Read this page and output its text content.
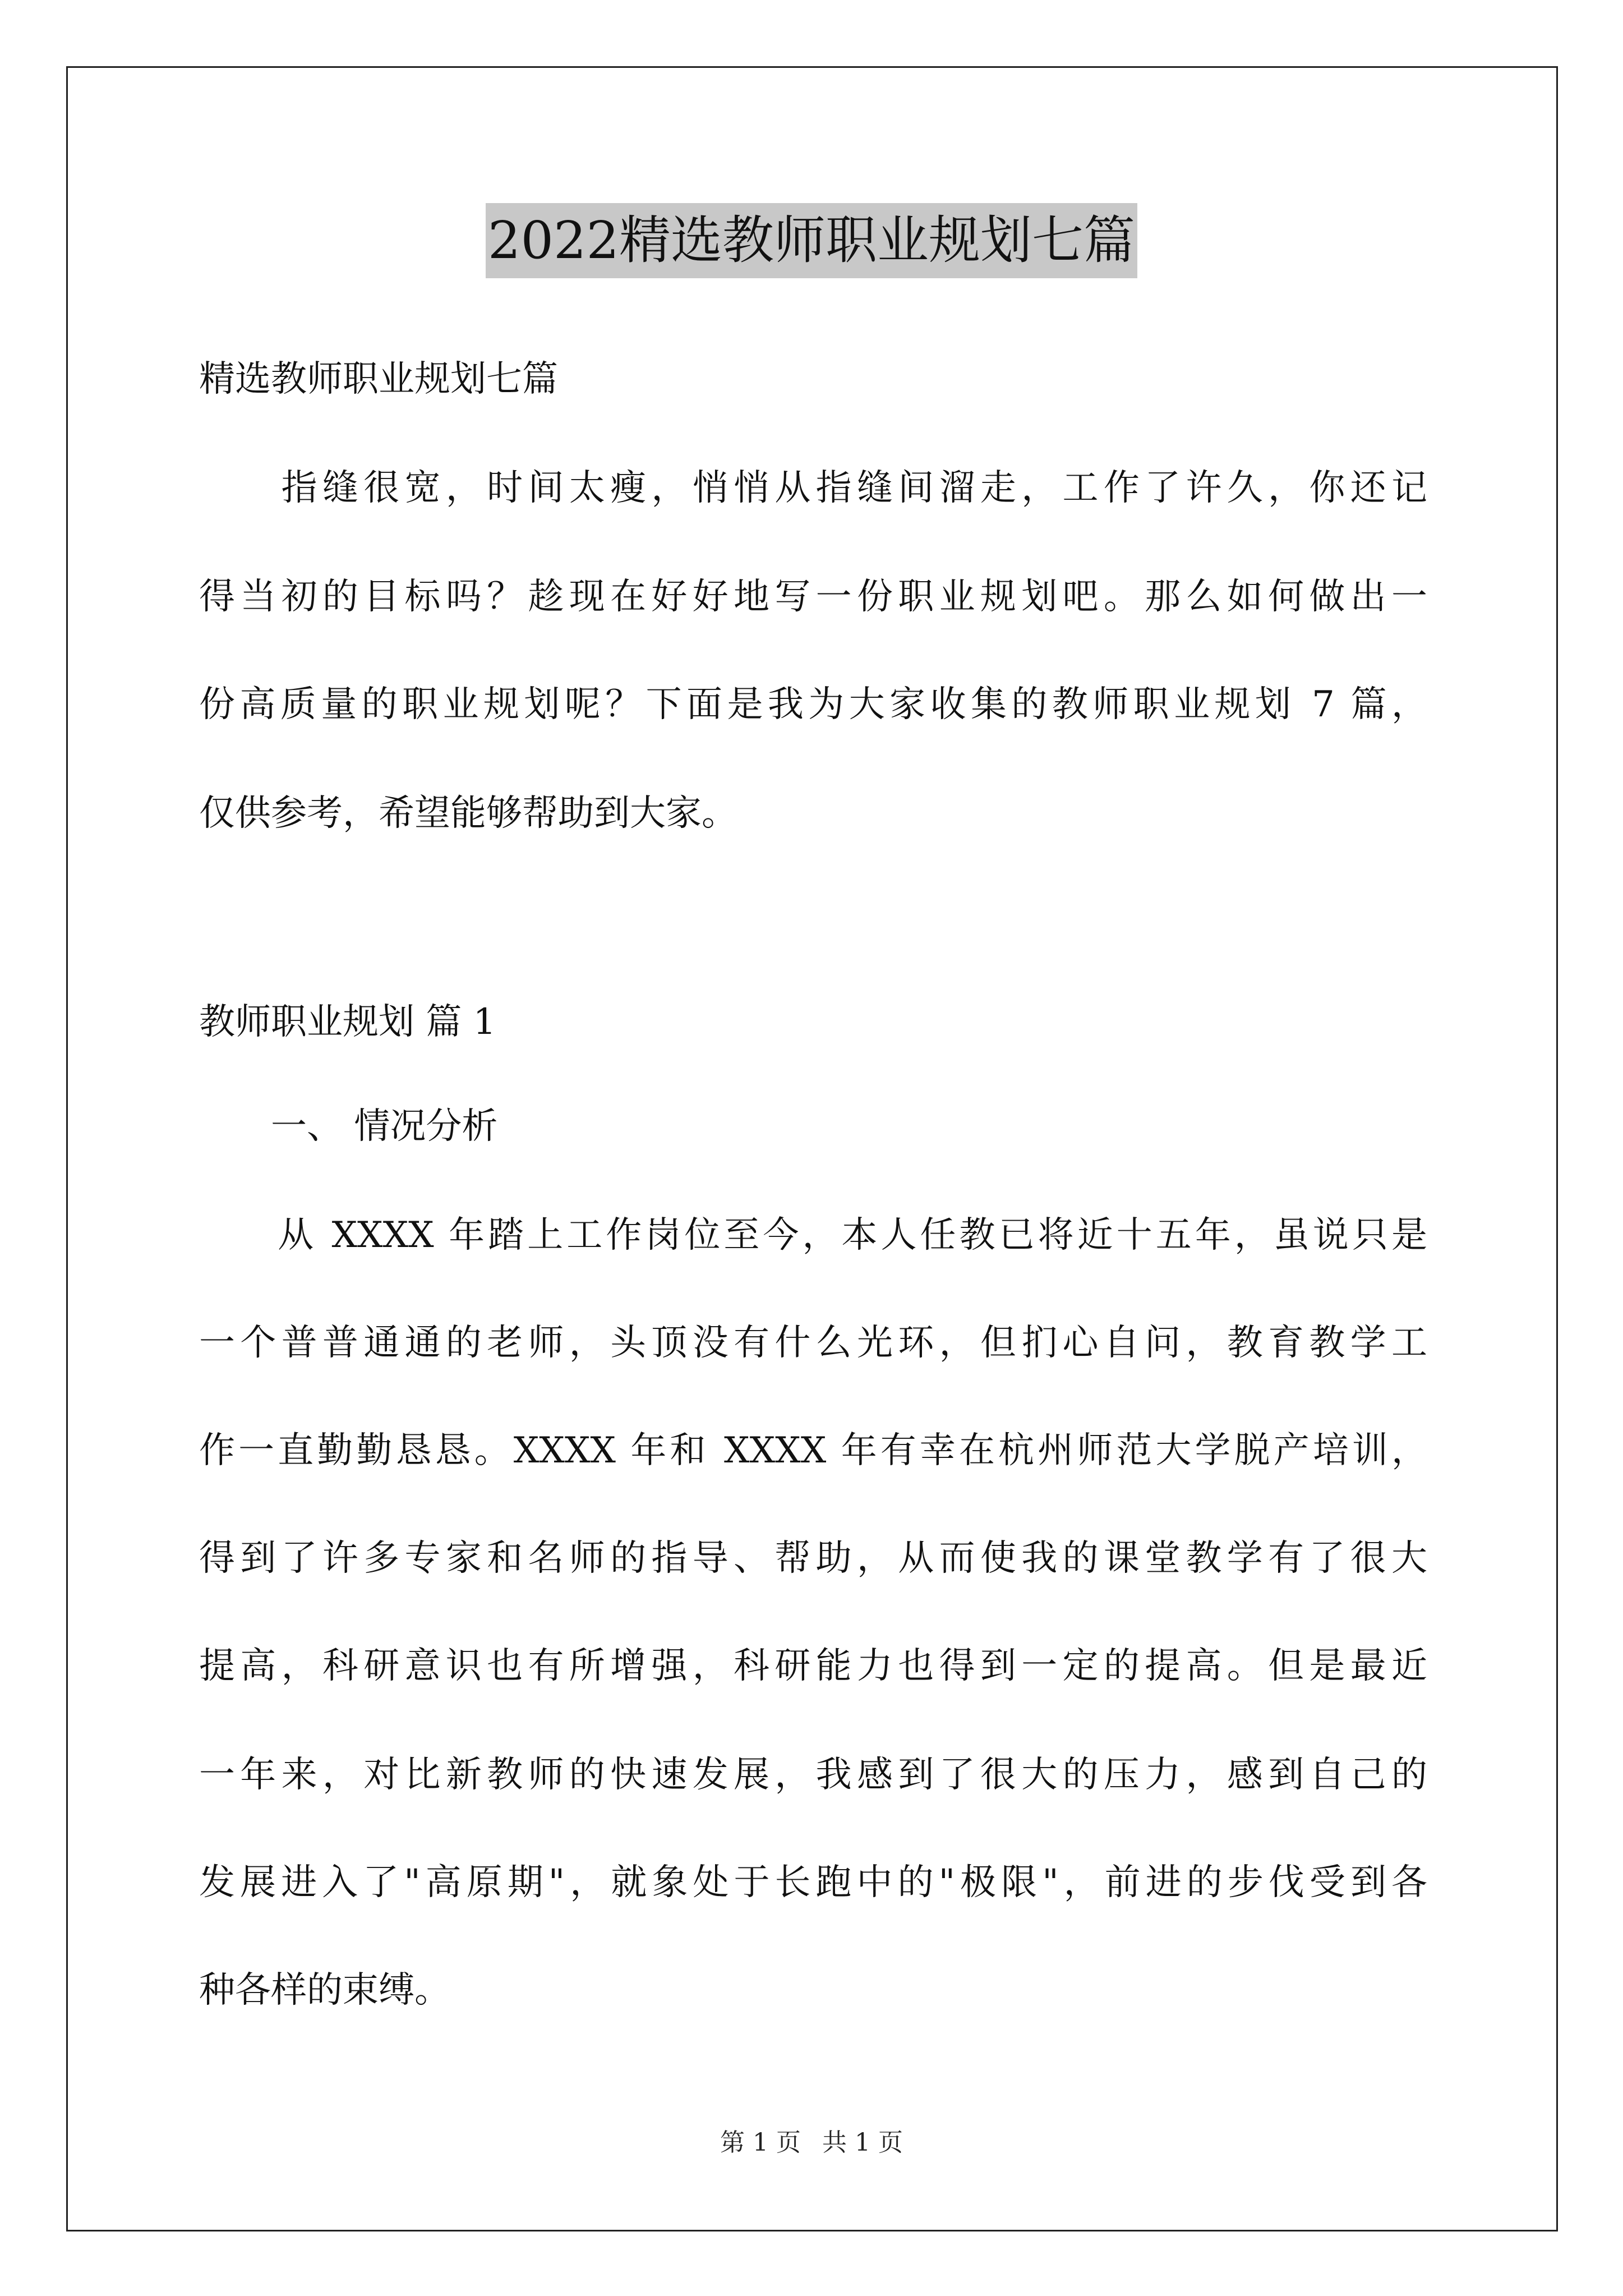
2022精选教师职业规划七篇
精选教师职业规划七篇
　　指缝很宽，时间太瘦，悄悄从指缝间溜走，工作了许久，你还记
得当初的目标吗？趁现在好好地写一份职业规划吧。那么如何做出一
份高质量的职业规划呢？下面是我为大家收集的教师职业规划 7 篇，
仅供参考，希望能够帮助到大家。
教师职业规划 篇 1
　　一、 情况分析
　　从 XXXX 年踏上工作岗位至今，本人任教已将近十五年，虽说只是
一个普普通通的老师，头顶没有什么光环，但扪心自问，教育教学工
作一直勤勤恳恳。XXXX 年和 XXXX 年有幸在杭州师范大学脱产培训，
得到了许多专家和名师的指导、帮助，从而使我的课堂教学有了很大
提高，科研意识也有所增强，科研能力也得到一定的提高。但是最近
一年来，对比新教师的快速发展，我感到了很大的压力，感到自己的
发展进入了"高原期"，就象处于长跑中的"极限"，前进的步伐受到各
种各样的束缚。
第 1 页 共 1 页
